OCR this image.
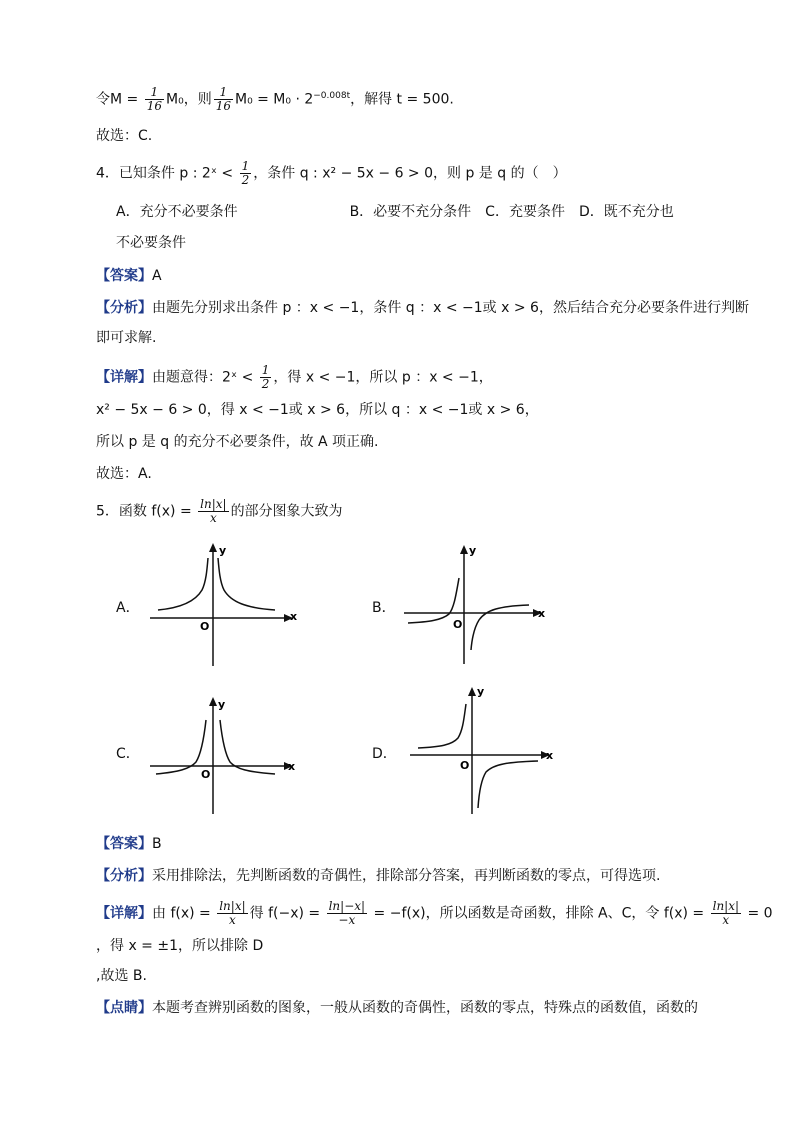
令$M = \frac{1}{16} M_0$，则 $\frac{1}{16} M_0 = M_0 \cdot 2^{-0.008t}$，解得 t = 500.
故选：C.
4．已知条件 p : 2ˣ < $\frac{1}{2}$ ，条件 q : x² − 5x − 6 > 0，则 p 是 q 的（　）
A．充分不必要条件　　　　　　　　B．必要不充分条件　C．充要条件　D．既不充分也
不必要条件
【答案】A
【分析】由题先分别求出条件 p ：x < −1，条件 q ：x < −1或 x > 6，然后结合充分必要条件进行判断
即可求解.
【详解】由题意得：2ˣ < $\frac{1}{2}$ ，得 x < −1，所以 p ：x < −1，
x² − 5x − 6 > 0，得 x < −1或 x > 6，所以 q ：x < −1或 x > 6，
所以 p 是 q 的充分不必要条件，故 A 项正确.
故选：A.
5．函数 $f(x) = \frac{\ln|x|}{x}$ 的部分图象大致为
A．	B．
C．	D．
x
y
O
x
y
O
x
y
O
x
y
O
【答案】B
【分析】采用排除法，先判断函数的奇偶性，排除部分答案，再判断函数的零点，可得选项.
【详解】由 $f(x) = \frac{\ln|x|}{x}$ 得 $f(-x) = \frac{\ln|-x|}{-x} = -f(x)$，所以函数是奇函数，排除 A、C，令 $f(x) = \frac{\ln|x|}{x} = 0$
，得 x = ±1，所以排除 D
,故选 B.
【点睛】本题考查辨别函数的图象，一般从函数的奇偶性，函数的零点，特殊点的函数值，函数的
